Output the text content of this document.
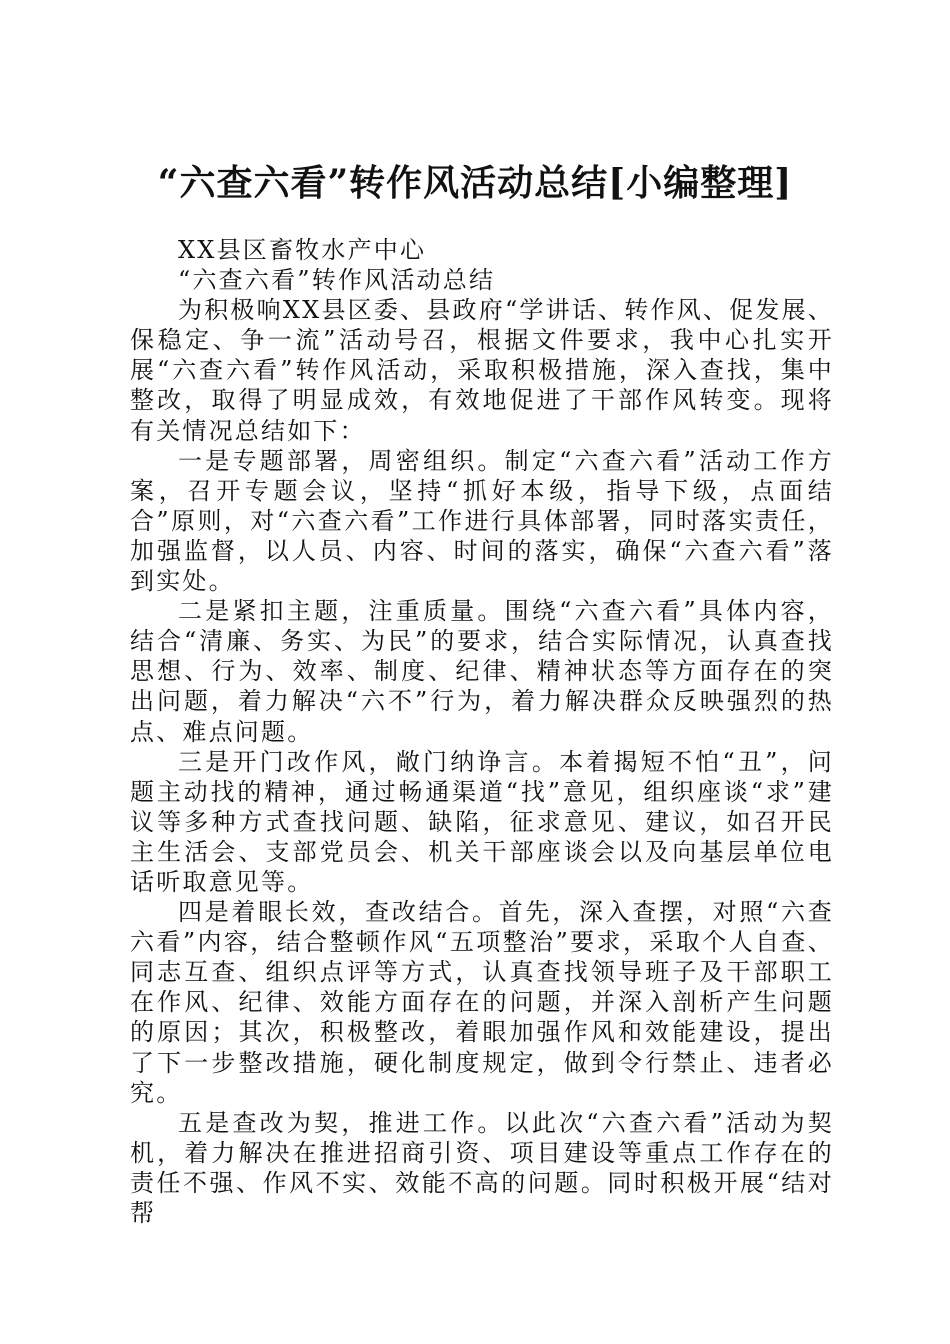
“六查六看”转作风活动总结[小编整理]

XX县区畜牧水产中心

“六查六看”转作风活动总结

为积极响XX县区委、县政府“学讲话、转作风、促发展、保稳定、争一流”活动号召，根据文件要求，我中心扎实开展“六查六看”转作风活动，采取积极措施，深入查找，集中整改，取得了明显成效，有效地促进了干部作风转变。现将有关情况总结如下：

一是专题部署，周密组织。制定“六查六看”活动工作方案，召开专题会议，坚持“抓好本级，指导下级，点面结合”原则，对“六查六看”工作进行具体部署，同时落实责任，加强监督，以人员、内容、时间的落实，确保“六查六看”落到实处。

二是紧扣主题，注重质量。围绕“六查六看”具体内容，结合“清廉、务实、为民”的要求，结合实际情况，认真查找思想、行为、效率、制度、纪律、精神状态等方面存在的突出问题，着力解决“六不”行为，着力解决群众反映强烈的热点、难点问题。

三是开门改作风，敞门纳诤言。本着揭短不怕“丑”，问题主动找的精神，通过畅通渠道“找”意见，组织座谈“求”建议等多种方式查找问题、缺陷，征求意见、建议，如召开民主生活会、支部党员会、机关干部座谈会以及向基层单位电话听取意见等。

四是着眼长效，查改结合。首先，深入查摆，对照“六查六看”内容，结合整顿作风“五项整治”要求，采取个人自查、同志互查、组织点评等方式，认真查找领导班子及干部职工在作风、纪律、效能方面存在的问题，并深入剖析产生问题的原因；其次，积极整改，着眼加强作风和效能建设，提出了下一步整改措施，硬化制度规定，做到令行禁止、违者必究。

五是查改为契，推进工作。以此次“六查六看”活动为契机，着力解决在推进招商引资、项目建设等重点工作存在的责任不强、作风不实、效能不高的问题。同时积极开展“结对帮
